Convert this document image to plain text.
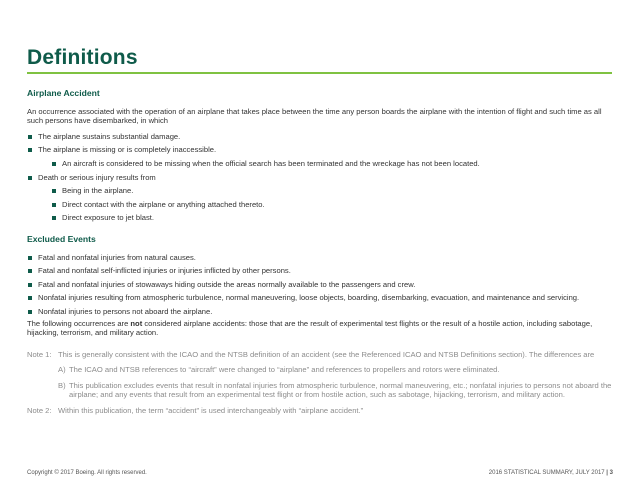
Definitions
Airplane Accident

An occurrence associated with the operation of an airplane that takes place between the time any person boards the airplane with the intention of flight and such time as all such persons have disembarked, in which

The airplane sustains substantial damage.
The airplane is missing or is completely inaccessible.
An aircraft is considered to be missing when the official search has been terminated and the wreckage has not been located.
Death or serious injury results from
Being in the airplane.
Direct contact with the airplane or anything attached thereto.
Direct exposure to jet blast.
Excluded Events
Fatal and nonfatal injuries from natural causes.
Fatal and nonfatal self-inflicted injuries or injuries inflicted by other persons.
Fatal and nonfatal injuries of stowaways hiding outside the areas normally available to the passengers and crew.
Nonfatal injuries resulting from atmospheric turbulence, normal maneuvering, loose objects, boarding, disembarking, evacuation, and maintenance and servicing.
Nonfatal injuries to persons not aboard the airplane.

The following occurrences are not considered airplane accidents: those that are the result of experimental test flights or the result of a hostile action, including sabotage, hijacking, terrorism, and military action.

Note 1: This is generally consistent with the ICAO and the NTSB definition of an accident (see the Referenced ICAO and NTSB Definitions section). The differences are
A) The ICAO and NTSB references to “aircraft” were changed to “airplane” and references to propellers and rotors were eliminated.
B) This publication excludes events that result in nonfatal injuries from atmospheric turbulence, normal maneuvering, etc.; nonfatal injuries to persons not aboard the airplane; and any events that result from an experimental test flight or from hostile action, such as sabotage, hijacking, terrorism, and military action.
Note 2: Within this publication, the term “accident” is used interchangeably with “airplane accident.”
Copyright © 2017 Boeing. All rights reserved.	2016 STATISTICAL SUMMARY, JULY 2017 | 3
